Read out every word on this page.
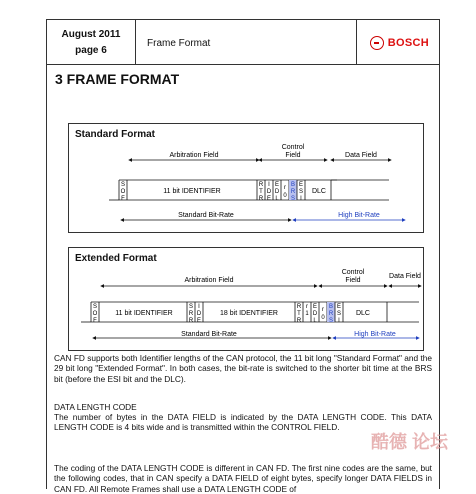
August 2011
page 6
Frame Format	BOSCH
3 FRAME FORMAT
Standard Format
Arbitration Field
Control
Field	Data Field
S
O
F
11 bit IDENTIFIER
R
T
R
I
D
E
E
D
L
r
0
B
R
S
E
S
I
DLC
Standard Bit-Rate	High Bit-Rate
Extended Format
Arbitration Field
Control
Field
Data Field
S
O
F
11 bit IDENTIFIER
S
R
R
I
D
E
18 bit IDENTIFIER
R
T
R
r
1
E
D
L
r
0
B
R
S
E
S
I
DLC
Standard Bit-Rate	High Bit-Rate
CAN FD supports both Identifier lengths of the CAN protocol, the 11 bit long "Standard Format" and the 29 bit long "Extended Format". In both cases, the bit-rate is switched to the shorter bit time at the BRS bit (before the ESI bit and the DLC).
DATA LENGTH CODE
The number of bytes in the DATA FIELD is indicated by the DATA LENGTH CODE. This DATA LENGTH CODE is 4 bits wide and is transmitted within the CONTROL FIELD.
The coding of the DATA LENGTH CODE is different in CAN FD. The first nine codes are the same, but the following codes, that in CAN specify a DATA FIELD of eight bytes, specify longer DATA FIELDS in CAN FD. All Remote Frames shall use a DATA LENGTH CODE of
酷德 论坛
